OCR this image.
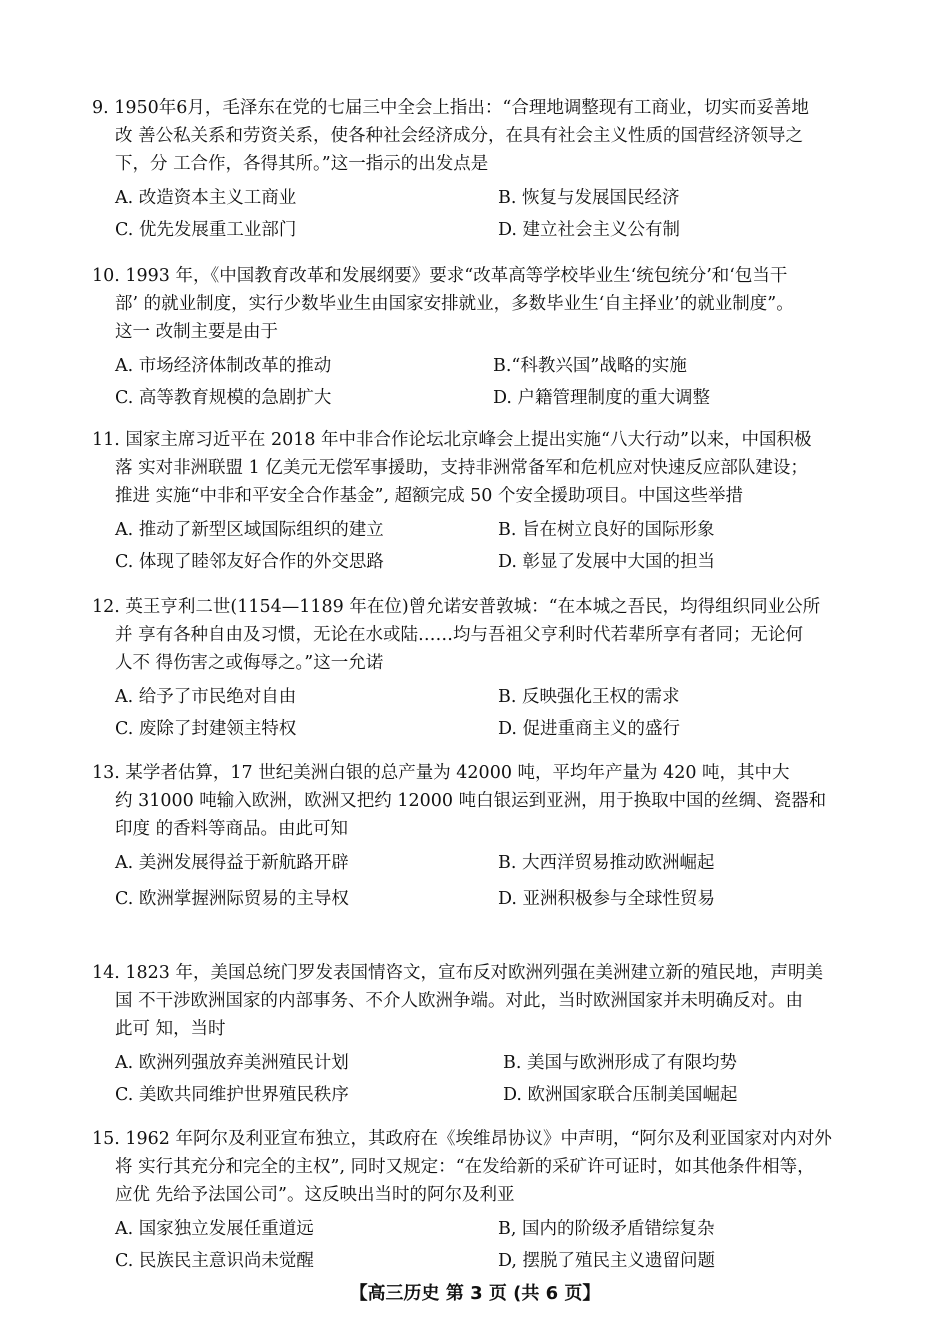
9. 1950年6月，毛泽东在党的七届三中全会上指出：“合理地调整现有工商业，切实而妥善地
改 善公私关系和劳资关系，使各种社会经济成分，在具有社会主义性质的国营经济领导之
下，分 工合作，各得其所。”这一指示的出发点是
A. 改造资本主义工商业	B. 恢复与发展国民经济
C. 优先发展重工业部门	D. 建立社会主义公有制
10. 1993 年，《中国教育改革和发展纲要》要求“改革高等学校毕业生‘统包统分’和‘包当干
部’ 的就业制度，实行少数毕业生由国家安排就业，多数毕业生‘自主择业’的就业制度”。
这一 改制主要是由于
A. 市场经济体制改革的推动	B.“科教兴国”战略的实施
C. 高等教育规模的急剧扩大	D. 户籍管理制度的重大调整
11. 国家主席习近平在 2018 年中非合作论坛北京峰会上提出实施“八大行动”以来，中国积极
落 实对非洲联盟 1 亿美元无偿军事援助，支持非洲常备军和危机应对快速反应部队建设；
推进 实施“中非和平安全合作基金”, 超额完成 50 个安全援助项目。中国这些举措
A. 推动了新型区域国际组织的建立	B. 旨在树立良好的国际形象
C. 体现了睦邻友好合作的外交思路	D. 彰显了发展中大国的担当
12. 英王亨利二世(1154—1189 年在位)曾允诺安普敦城：“在本城之吾民，均得组织同业公所
并 享有各种自由及习惯，无论在水或陆……均与吾祖父亨利时代若辈所享有者同；无论何
人不 得伤害之或侮辱之。”这一允诺
A. 给予了市民绝对自由	B. 反映强化王权的需求
C. 废除了封建领主特权	D. 促进重商主义的盛行
13. 某学者估算，17 世纪美洲白银的总产量为 42000 吨，平均年产量为 420 吨，其中大
约 31000 吨输入欧洲，欧洲又把约 12000 吨白银运到亚洲，用于换取中国的丝绸、瓷器和
印度 的香料等商品。由此可知
A. 美洲发展得益于新航路开辟	B. 大西洋贸易推动欧洲崛起
C. 欧洲掌握洲际贸易的主导权	D. 亚洲积极参与全球性贸易
14. 1823 年，美国总统门罗发表国情咨文，宣布反对欧洲列强在美洲建立新的殖民地，声明美
国 不干涉欧洲国家的内部事务、不介人欧洲争端。对此，当时欧洲国家并未明确反对。由
此可 知，当时
A. 欧洲列强放弃美洲殖民计划	B. 美国与欧洲形成了有限均势
C. 美欧共同维护世界殖民秩序	D. 欧洲国家联合压制美国崛起
15. 1962 年阿尔及利亚宣布独立，其政府在《埃维昂协议》中声明，“阿尔及利亚国家对内对外
将 实行其充分和完全的主权”, 同时又规定：“在发给新的采矿许可证时，如其他条件相等，
应优 先给予法国公司”。这反映出当时的阿尔及利亚
A. 国家独立发展任重道远	B, 国内的阶级矛盾错综复杂
C. 民族民主意识尚未觉醒	D, 摆脱了殖民主义遗留问题
【高三历史 第 3 页 (共 6 页】
